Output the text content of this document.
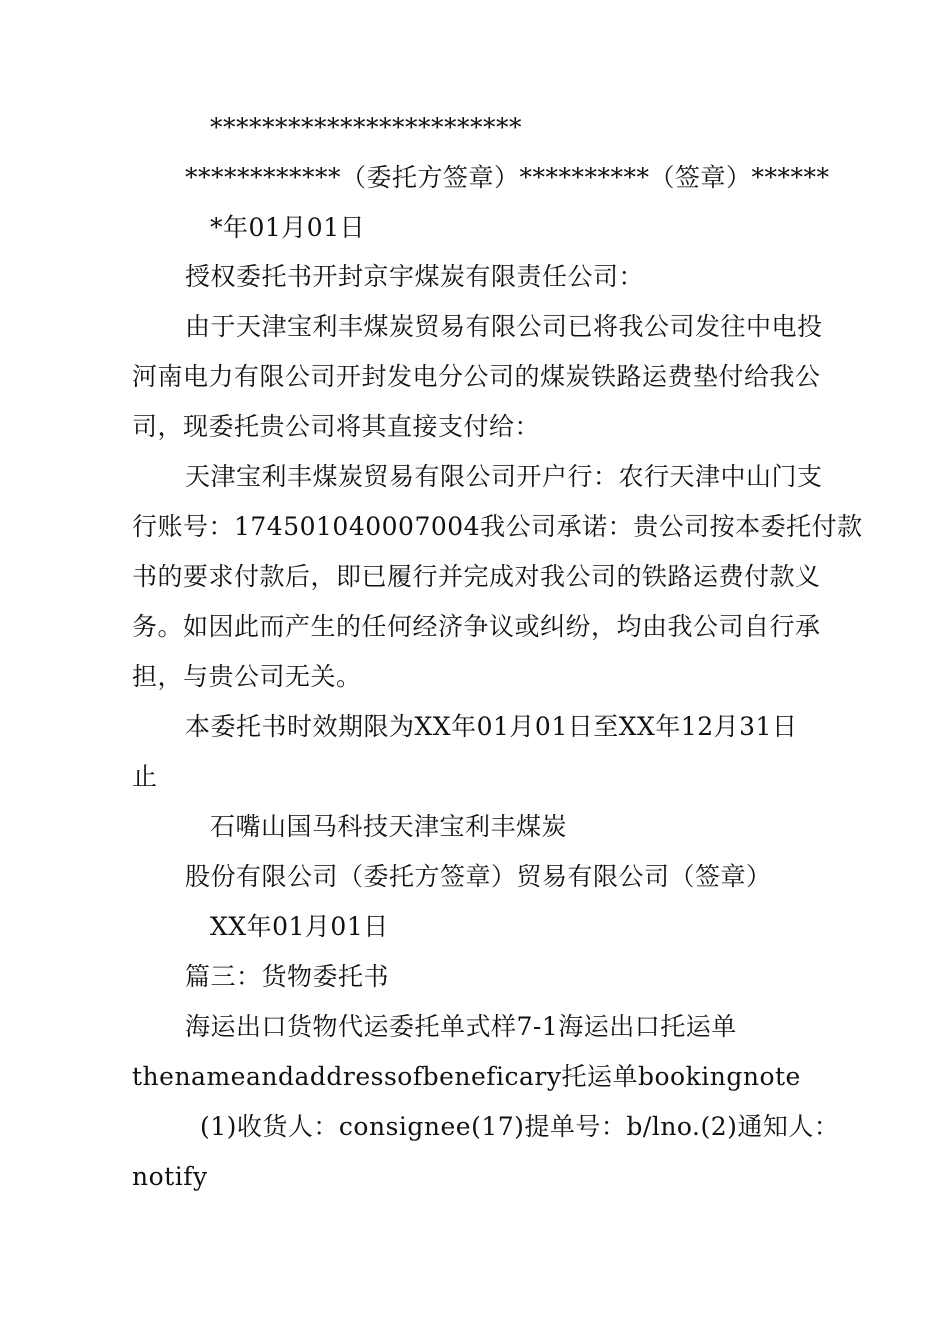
************************
************（委托方签章）**********（签章）******
*年01月01日
授权委托书开封京宇煤炭有限责任公司：
由于天津宝利丰煤炭贸易有限公司已将我公司发往中电投
河南电力有限公司开封发电分公司的煤炭铁路运费垫付给我公
司，现委托贵公司将其直接支付给：
天津宝利丰煤炭贸易有限公司开户行：农行天津中山门支
行账号：174501040007004我公司承诺：贵公司按本委托付款
书的要求付款后，即已履行并完成对我公司的铁路运费付款义
务。如因此而产生的任何经济争议或纠纷，均由我公司自行承
担，与贵公司无关。
本委托书时效期限为XX年01月01日至XX年12月31日
止
石嘴山国马科技天津宝利丰煤炭
股份有限公司（委托方签章）贸易有限公司（签章）
XX年01月01日
篇三：货物委托书
海运出口货物代运委托单式样7-1海运出口托运单
thenameandaddressofbeneficary托运单bookingnote
(1)收货人：consignee(17)提单号：b/lno.(2)通知人：
notify
